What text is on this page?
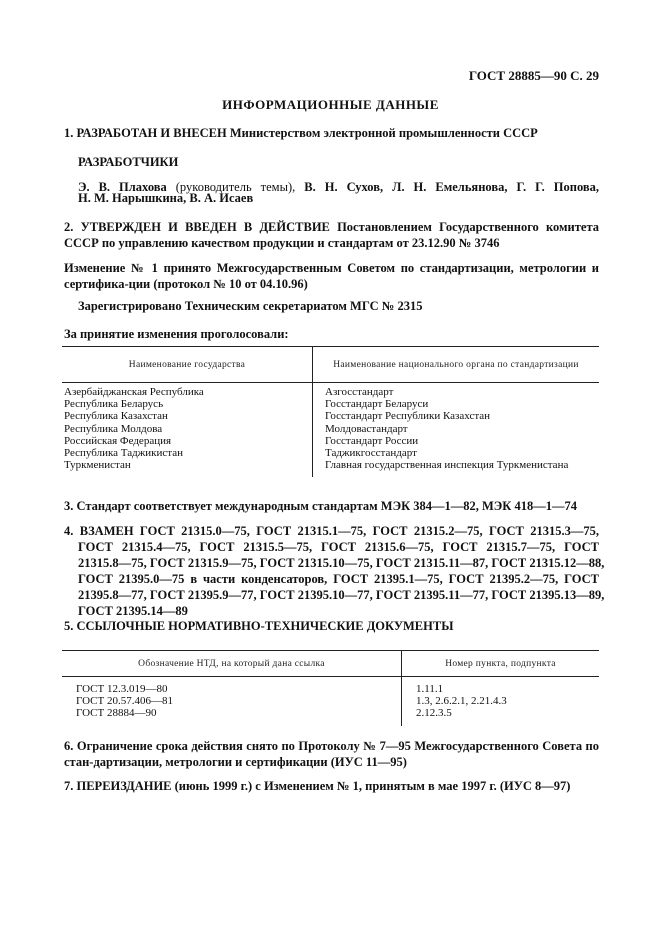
ГОСТ 28885—90 С. 29
ИНФОРМАЦИОННЫЕ ДАННЫЕ
1. РАЗРАБОТАН И ВНЕСЕН Министерством электронной промышленности СССР
РАЗРАБОТЧИКИ
Э. В. Плахова (руководитель темы), В. Н. Сухов, Л. Н. Емельянова, Г. Г. Попова,
Н. М. Нарышкина, В. А. Исаев
2. УТВЕРЖДЕН И ВВЕДЕН В ДЕЙСТВИЕ Постановлением Государственного комитета СССР по управлению качеством продукции и стандартам от 23.12.90 № 3746
Изменение № 1 принято Межгосударственным Советом по стандартизации, метрологии и сертифика-ции (протокол № 10 от 04.10.96)
Зарегистрировано Техническим секретариатом МГС № 2315
За принятие изменения проголосовали:
Наименование государства	Наименование национального органа по стандартизации
Азербайджанская Республика	Азгосстандарт
Республика Беларусь	Госстандарт Беларуси
Республика Казахстан	Госстандарт Республики Казахстан
Республика Молдова	Молдовастандарт
Российская Федерация	Госстандарт России
Республика Таджикистан	Таджикгосстандарт
Туркменистан	Главная государственная инспекция Туркменистана
3. Стандарт соответствует международным стандартам МЭК 384—1—82, МЭК 418—1—74
4. ВЗАМЕН ГОСТ 21315.0—75, ГОСТ 21315.1—75, ГОСТ 21315.2—75, ГОСТ 21315.3—75,
ГОСТ 21315.4—75, ГОСТ 21315.5—75, ГОСТ 21315.6—75, ГОСТ 21315.7—75, ГОСТ
21315.8—75, ГОСТ 21315.9—75, ГОСТ 21315.10—75, ГОСТ 21315.11—87, ГОСТ 21315.12—88,
ГОСТ 21395.0—75 в части конденсаторов, ГОСТ 21395.1—75, ГОСТ 21395.2—75, ГОСТ
21395.8—77, ГОСТ 21395.9—77, ГОСТ 21395.10—77, ГОСТ 21395.11—77, ГОСТ 21395.13—89,
ГОСТ 21395.14—89
5. ССЫЛОЧНЫЕ НОРМАТИВНО-ТЕХНИЧЕСКИЕ ДОКУМЕНТЫ
Обозначение НТД, на который дана ссылка	Номер пункта, подпункта
ГОСТ 12.3.019—80	1.11.1
ГОСТ 20.57.406—81	1.3, 2.6.2.1, 2.21.4.3
ГОСТ 28884—90	2.12.3.5
6. Ограничение срока действия снято по Протоколу № 7—95 Межгосударственного Совета по стан-дартизации, метрологии и сертификации (ИУС 11—95)
7. ПЕРЕИЗДАНИЕ (июнь 1999 г.) с Изменением № 1, принятым в мае 1997 г. (ИУС 8—97)
